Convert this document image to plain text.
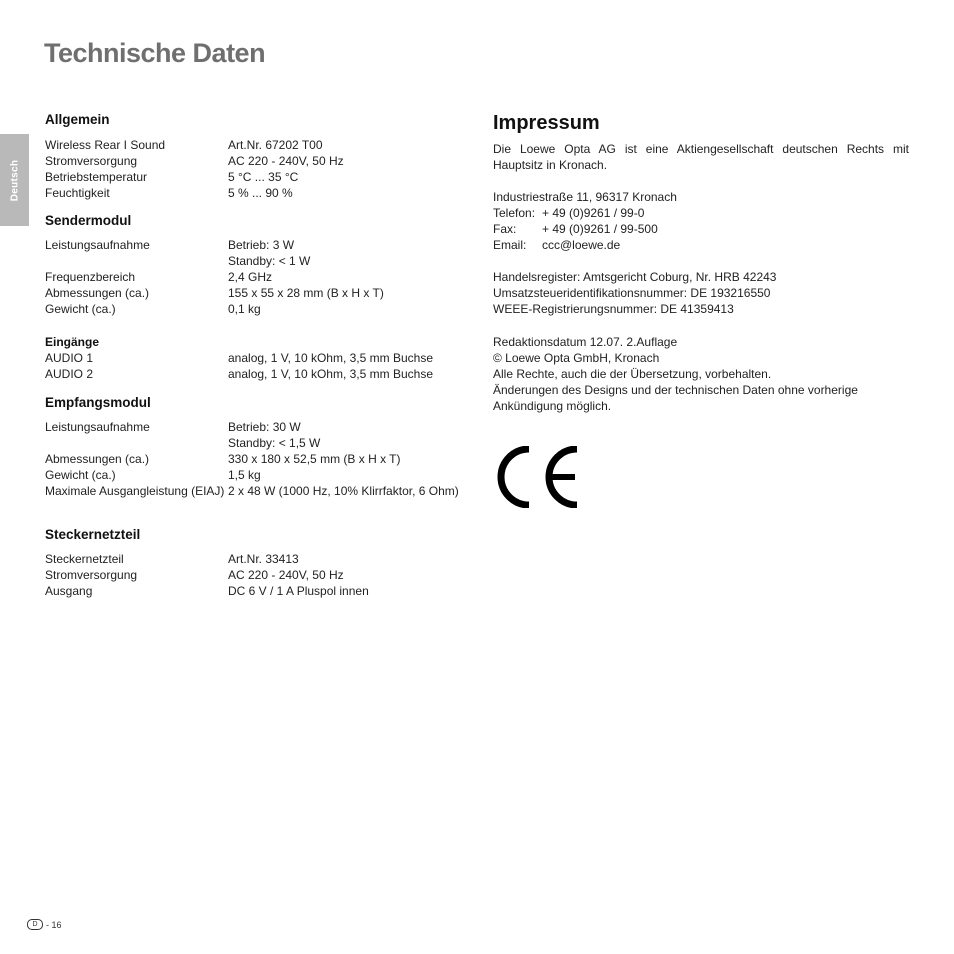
Technische Daten
Deutsch
Allgemein
Wireless Rear I Sound	Art.Nr. 67202 T00
Stromversorgung	AC 220 - 240V, 50 Hz
Betriebstemperatur	5 °C ... 35 °C
Feuchtigkeit	5 % ... 90 %
Sendermodul
Leistungsaufnahme	Betrieb: 3 W
Standby: < 1 W
Frequenzbereich	2,4 GHz
Abmessungen (ca.)	155 x 55 x 28 mm (B x H x T)
Gewicht (ca.)	0,1 kg
Eingänge
AUDIO 1	analog, 1 V, 10 kOhm, 3,5 mm Buchse
AUDIO 2	analog, 1 V, 10 kOhm, 3,5 mm Buchse
Empfangsmodul
Leistungsaufnahme	Betrieb: 30 W
Standby: < 1,5 W
Abmessungen (ca.)	330 x 180 x 52,5 mm (B x H x T)
Gewicht (ca.)	1,5 kg
Maximale Ausgangleistung (EIAJ) 2 x 48 W (1000 Hz, 10% Klirrfaktor, 6 Ohm)
Steckernetzteil
Steckernetzteil	Art.Nr. 33413
Stromversorgung	AC 220 - 240V, 50 Hz
Ausgang	DC 6 V / 1 A Pluspol innen
Impressum

Die Loewe Opta AG ist eine Aktiengesellschaft deutschen Rechts mit Hauptsitz in Kronach.

Industriestraße 11, 96317 Kronach
Telefon: + 49 (0)9261 / 99-0
Fax:	+ 49 (0)9261 / 99-500
Email:	ccc@loewe.de
Handelsregister: Amtsgericht Coburg, Nr. HRB 42243
Umsatzsteueridentifikationsnummer: DE 193216550
WEEE-Registrierungsnummer: DE 41359413
Redaktionsdatum 12.07. 2.Auflage
© Loewe Opta GmbH, Kronach
Alle Rechte, auch die der Übersetzung, vorbehalten.

Änderungen des Designs und der technischen Daten ohne vorherige Ankündigung möglich.

D - 16
